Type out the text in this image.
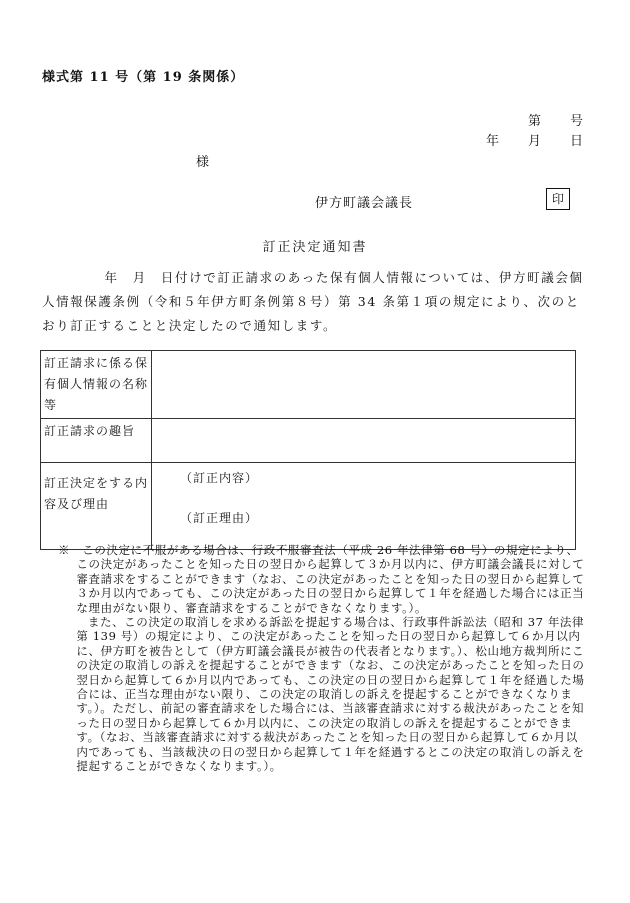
様式第 11 号（第 19 条関係）
第　　号
年　　月　　日
様
伊方町議会議長	印
訂正決定通知書

年　月　日付けで訂正請求のあった保有個人情報については、伊方町議会個人情報保護条例（令和５年伊方町条例第８号）第 34 条第１項の規定により、次のとおり訂正することと決定したので通知します。

訂正請求に係る保有個人情報の名称等	
訂正請求の趣旨	
訂正決定をする内容及び理由	（訂正内容）
（訂正理由）

※　 この決定に不服がある場合は、行政不服審査法（平成 26 年法律第 68 号）の規定により、この決定があったことを知った日の翌日から起算して３か月以内に、伊方町議会議長に対して審査請求をすることができます（なお、この決定があったことを知った日の翌日から起算して３か月以内であっても、この決定があった日の翌日から起算して１年を経過した場合には正当な理由がない限り、審査請求をすることができなくなります。）。

また、この決定の取消しを求める訴訟を提起する場合は、行政事件訴訟法（昭和 37 年法律第 139 号）の規定により、この決定があったことを知った日の翌日から起算して６か月以内に、伊方町を被告として（伊方町議会議長が被告の代表者となります。）、松山地方裁判所にこの決定の取消しの訴えを提起することができます（なお、この決定があったことを知った日の翌日から起算して６か月以内であっても、この決定の日の翌日から起算して１年を経過した場合には、正当な理由がない限り、この決定の取消しの訴えを提起することができなくなります。）。ただし、前記の審査請求をした場合には、当該審査請求に対する裁決があったことを知った日の翌日から起算して６か月以内に、この決定の取消しの訴えを提起することができます。（なお、当該審査請求に対する裁決があったことを知った日の翌日から起算して６か月以内であっても、当該裁決の日の翌日から起算して１年を経過するとこの決定の取消しの訴えを提起することができなくなります。）。
